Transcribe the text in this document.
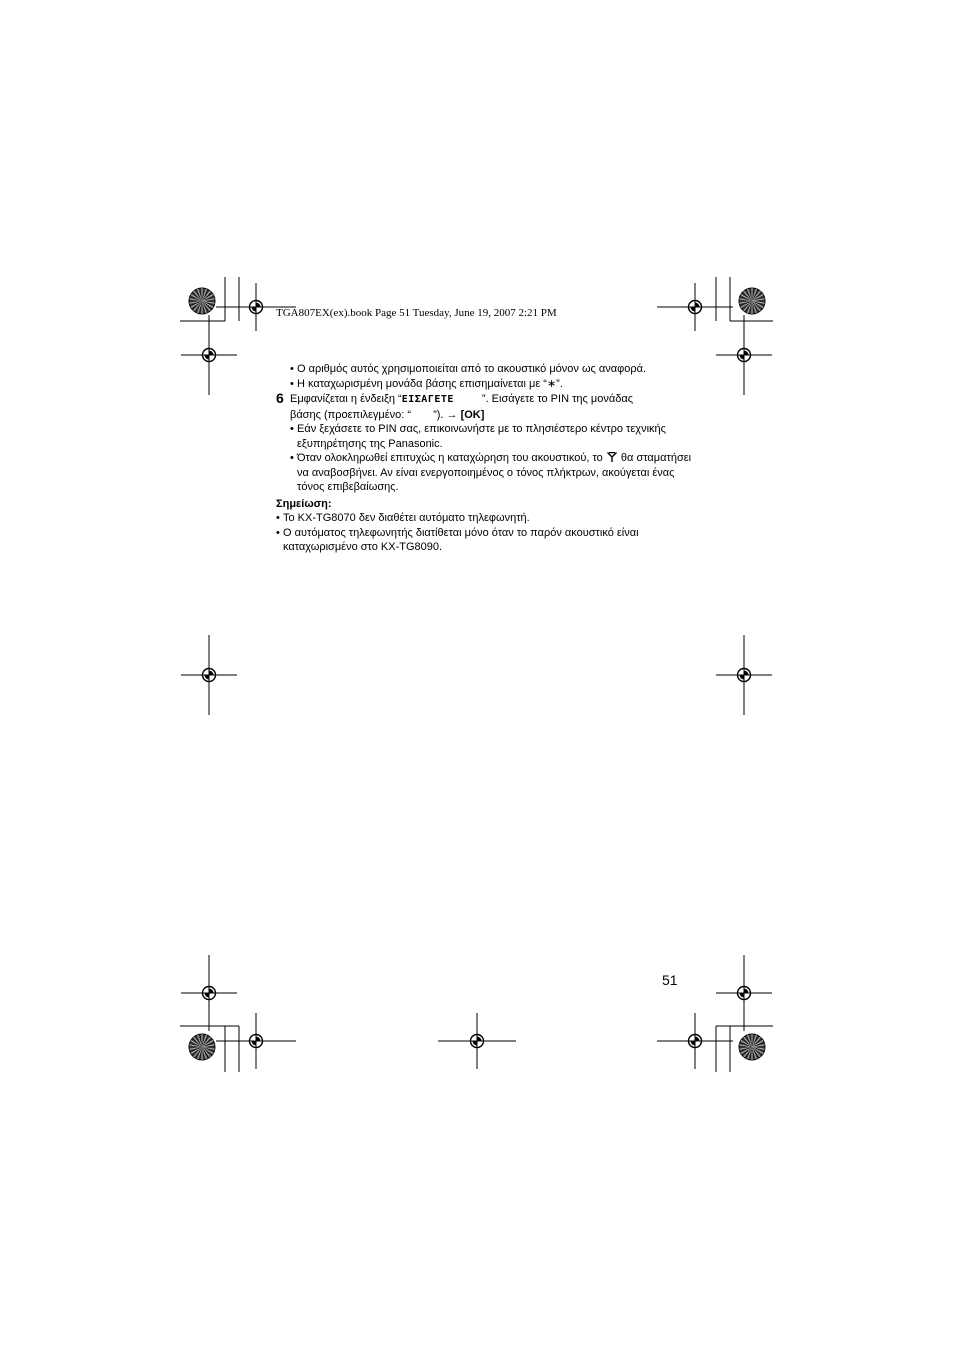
TGA807EX(ex).book Page 51 Tuesday, June 19, 2007 2:21 PM
• Ο αριθμός αυτός χρησιμοποιείται από το ακουστικό μόνον ως αναφορά.
• Η καταχωρισμένη μονάδα βάσης επισημαίνεται με “∗”.
6 Εμφανίζεται η ένδειξη “ΕΙΣΑΓΕΤΕ	”. Εισάγετε το PIN της μονάδας
βάσης (προεπιλεγμένο: “ ”). → [OK]
• Εάν ξεχάσετε το PIN σας, επικοινωνήστε με το πλησιέστερο κέντρο τεχνικής εξυπηρέτησης της Panasonic.
• Όταν ολοκληρωθεί επιτυχώς η καταχώρηση του ακουστικού, το θα σταματήσει να αναβοσβήνει. Αν είναι ενεργοποιημένος ο τόνος πλήκτρων, ακούγεται ένας τόνος επιβεβαίωσης.
Σημείωση:
• Το KX-TG8070 δεν διαθέτει αυτόματο τηλεφωνητή.
• Ο αυτόματος τηλεφωνητής διατίθεται μόνο όταν το παρόν ακουστικό είναι καταχωρισμένο στο KX-TG8090.
51
